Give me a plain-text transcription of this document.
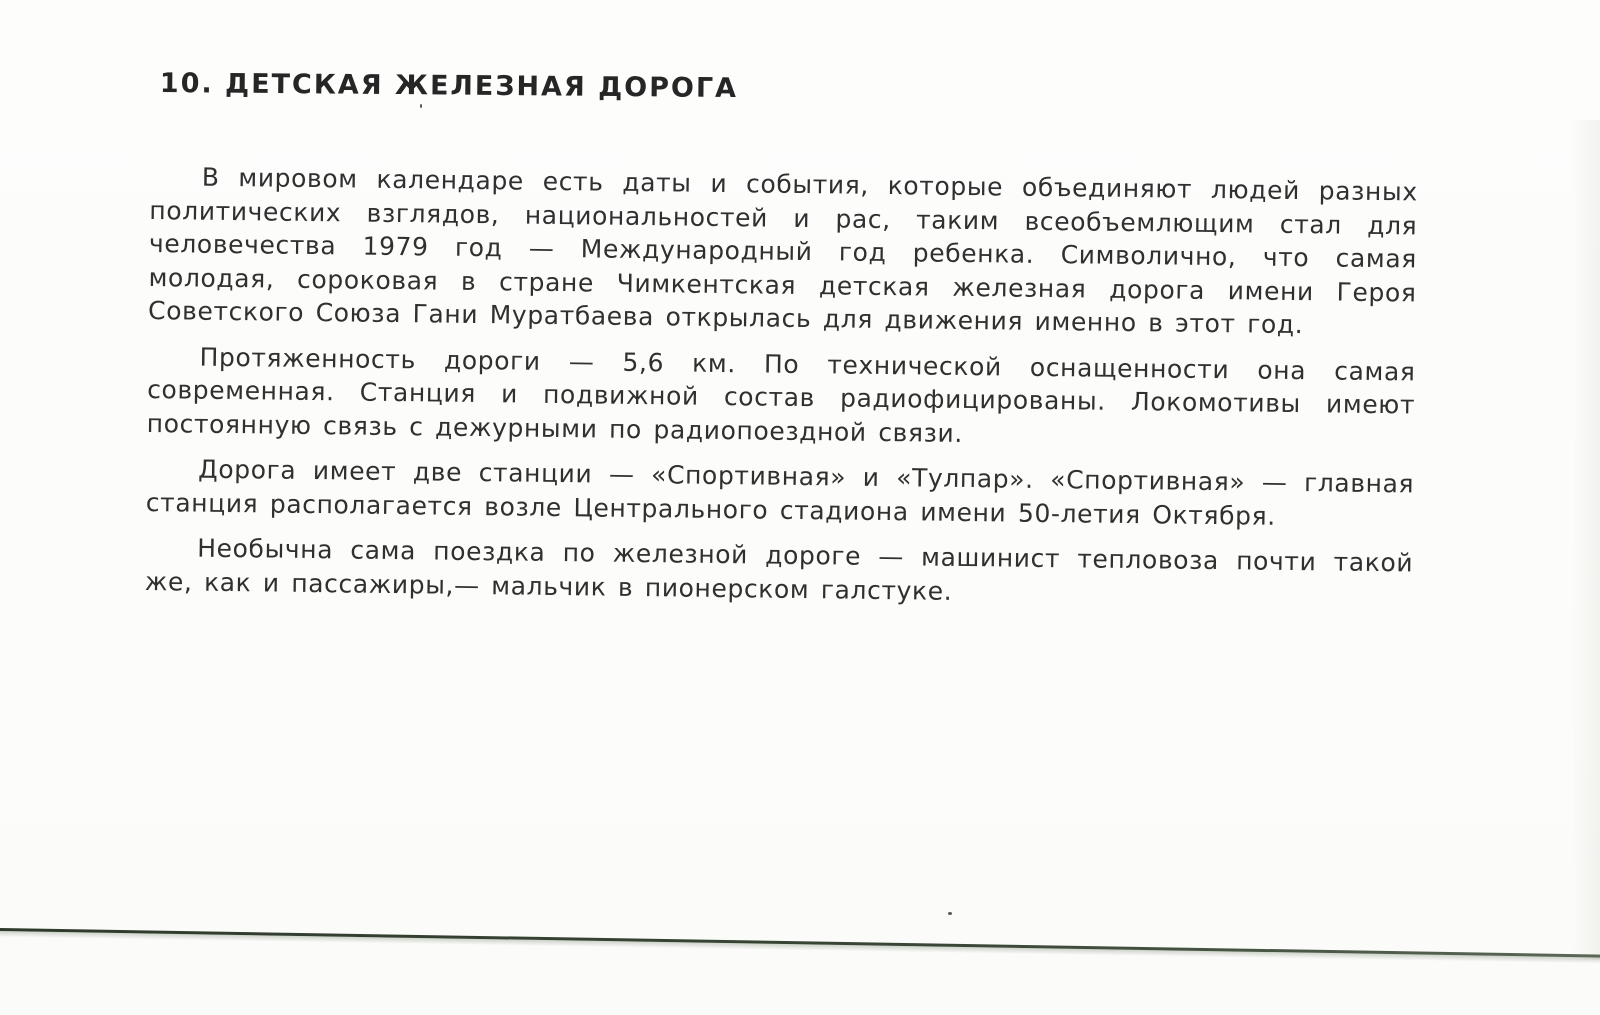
10. ДЕТСКАЯ ЖЕЛЕЗНАЯ ДОРОГА

В мировом календаре есть даты и события, которые объединяют людей разных политических взглядов, национальностей и рас, таким всеобъемлющим стал для человечества 1979 год — Международный год ребенка. Символично, что самая молодая, сороковая в стране Чимкентская детская железная дорога имени Героя Советского Союза Гани Муратбаева открылась для движения именно в этот год.

Протяженность дороги — 5,6 км. По технической оснащенности она самая современная. Станция и подвижной состав радиофицированы. Локомотивы имеют постоянную связь с дежурными по радиопоездной связи.

Дорога имеет две станции — «Спортивная» и «Тулпар». «Спортивная» — главная станция располагается возле Центрального стадиона имени 50-летия Октября.

Необычна сама поездка по железной дороге — машинист тепловоза почти такой же, как и пассажиры,— мальчик в пионерском галстуке.
